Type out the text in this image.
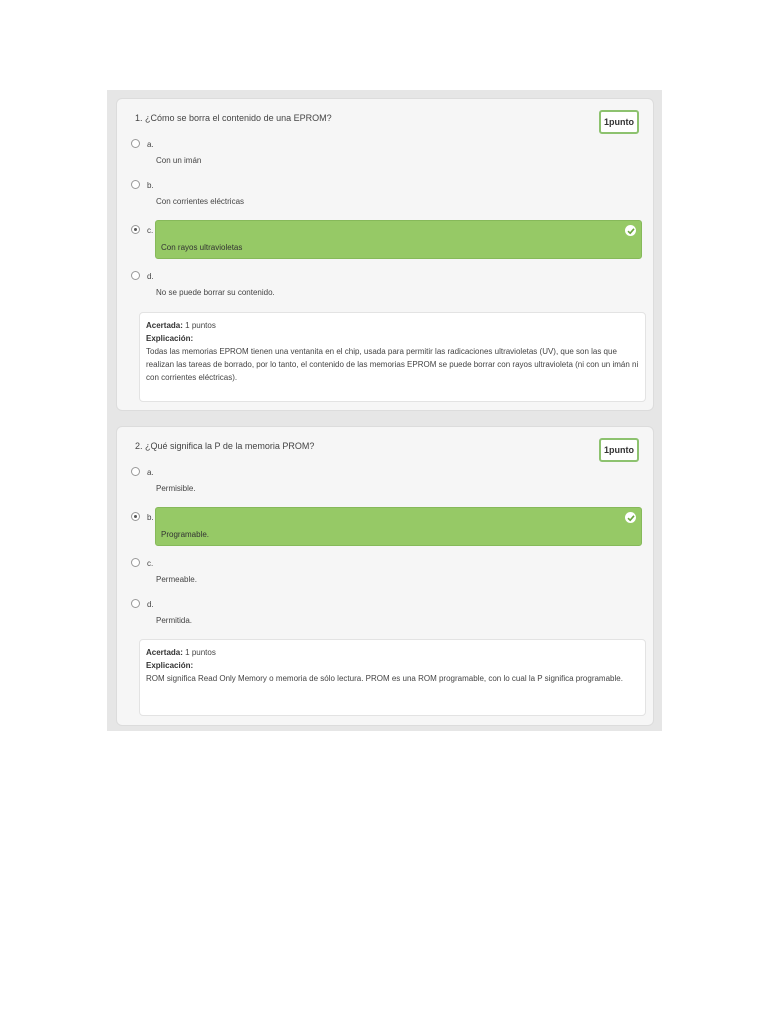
1. ¿Cómo se borra el contenido de una EPROM?	1punto
a.
Con un imán
b.
Con corrientes eléctricas
c.
Con rayos ultravioletas
d.
No se puede borrar su contenido.
Acertada: 1 puntos
Explicación:
Todas las memorias EPROM tienen una ventanita en el chip, usada para permitir las radicaciones ultravioletas (UV), que son las que realizan las tareas de borrado, por lo tanto, el contenido de las memorias EPROM se puede borrar con rayos ultravioleta (ni con un imán ni con corrientes eléctricas).
2. ¿Qué significa la P de la memoria PROM?	1punto
a.
Permisible.
b.
Programable.
c.
Permeable.
d.
Permitida.
Acertada: 1 puntos
Explicación:
ROM significa Read Only Memory o memoria de sólo lectura. PROM es una ROM programable, con lo cual la P significa programable.
